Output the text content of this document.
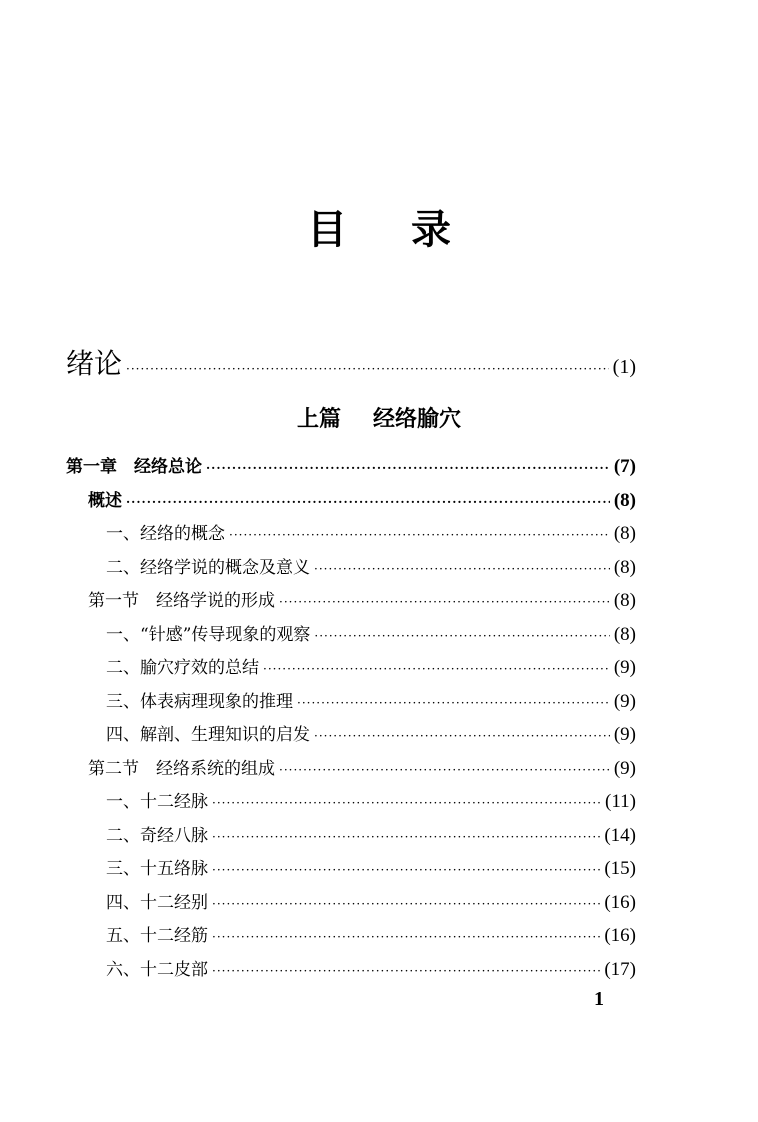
目 录
绪论 ·····	(1)
上篇 经络腧穴
第一章　经络总论 ·····	(7)
概述 ·····	(8)
一、经络的概念 ·····	(8)
二、经络学说的概念及意义 ·····	(8)
第一节　经络学说的形成 ·····	(8)
一、“针感”传导现象的观察 ·····	(8)
二、腧穴疗效的总结 ·····	(9)
三、体表病理现象的推理 ·····	(9)
四、解剖、生理知识的启发 ·····	(9)
第二节　经络系统的组成 ·····	(9)
一、十二经脉 ·····	(11)
二、奇经八脉 ·····	(14)
三、十五络脉 ·····	(15)
四、十二经别 ·····	(16)
五、十二经筋 ·····	(16)
六、十二皮部 ·····	(17)
1
